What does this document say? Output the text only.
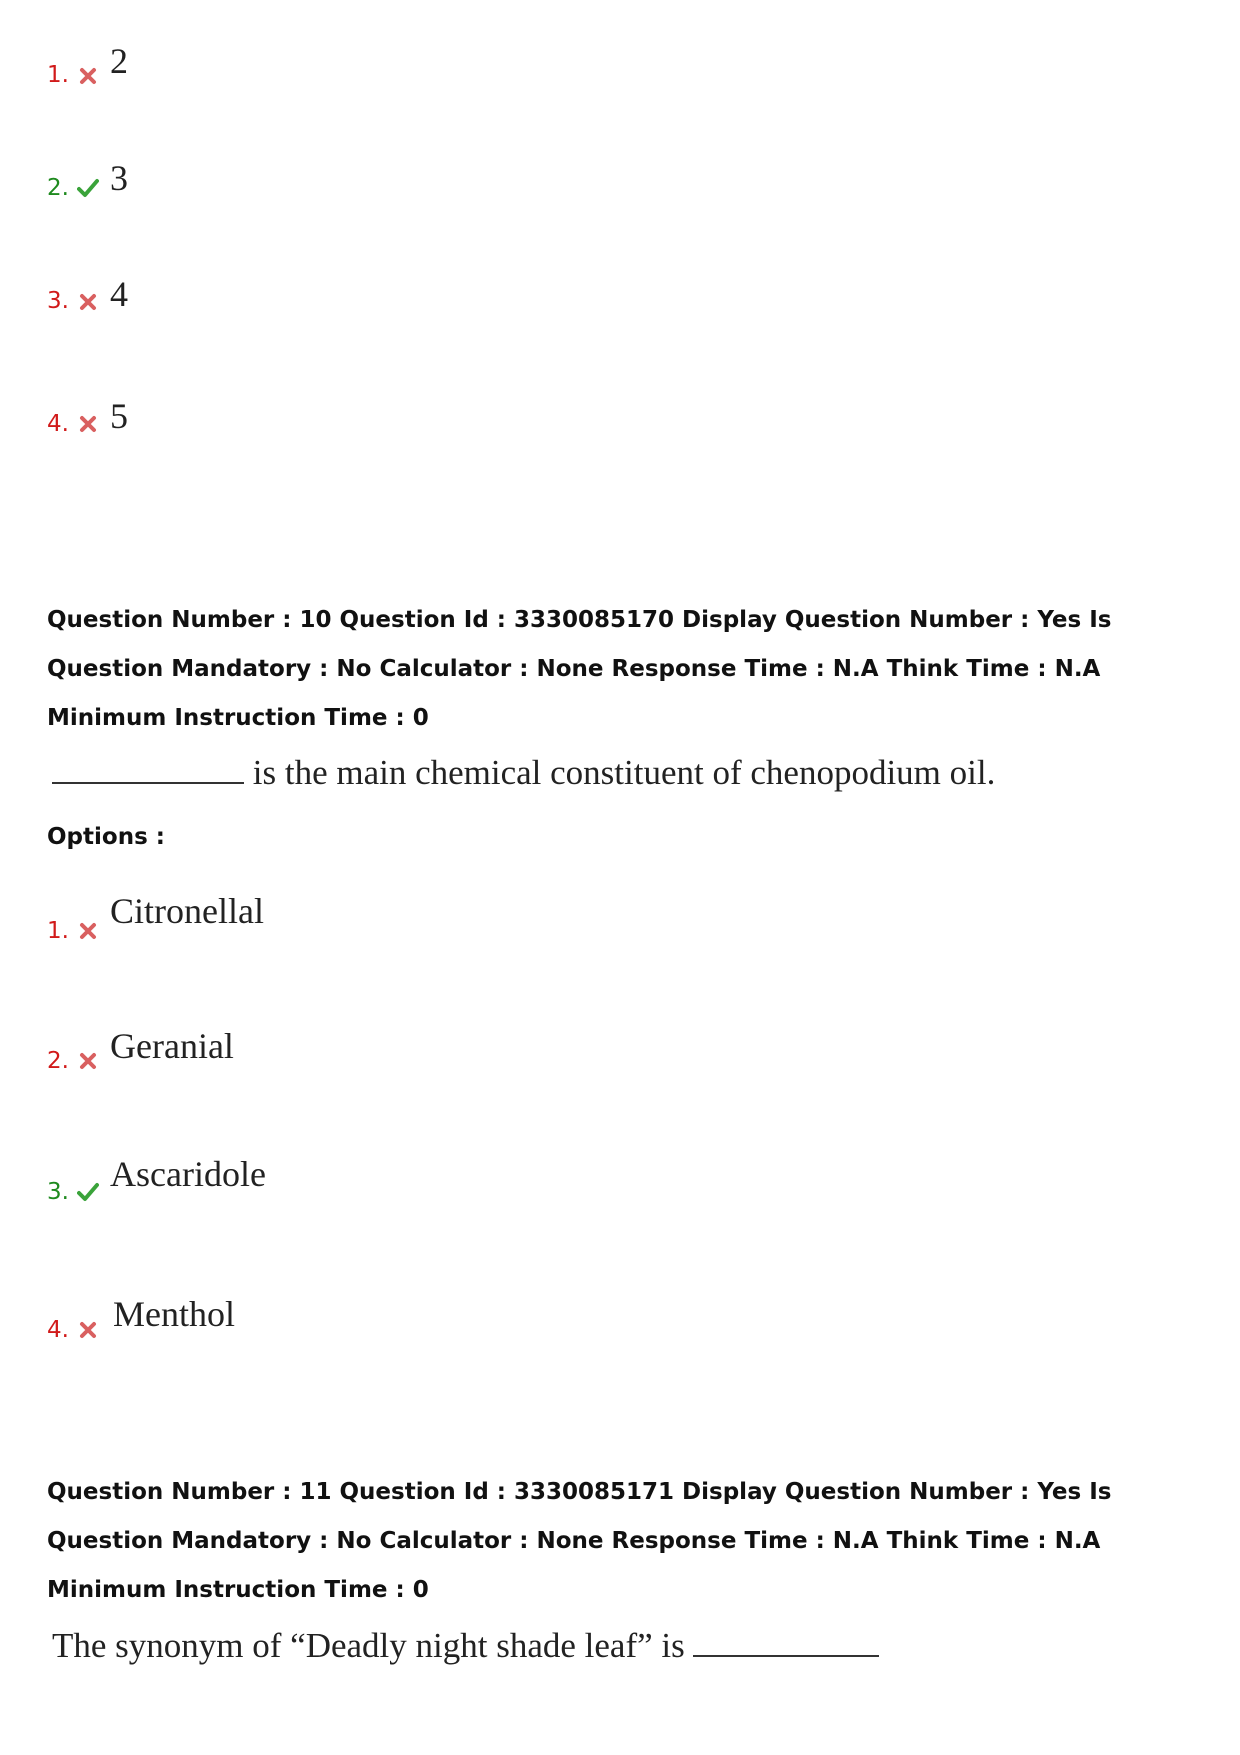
1. 2
2. 3
3. 4
4. 5
Question Number : 10 Question Id : 3330085170 Display Question Number : Yes Is Question Mandatory : No Calculator : None Response Time : N.A Think Time : N.A Minimum Instruction Time : 0
is the main chemical constituent of chenopodium oil.
Options :
1. Citronellal
2. Geranial
3. Ascaridole
4. Menthol
Question Number : 11 Question Id : 3330085171 Display Question Number : Yes Is Question Mandatory : No Calculator : None Response Time : N.A Think Time : N.A Minimum Instruction Time : 0
The synonym of “Deadly night shade leaf” is
